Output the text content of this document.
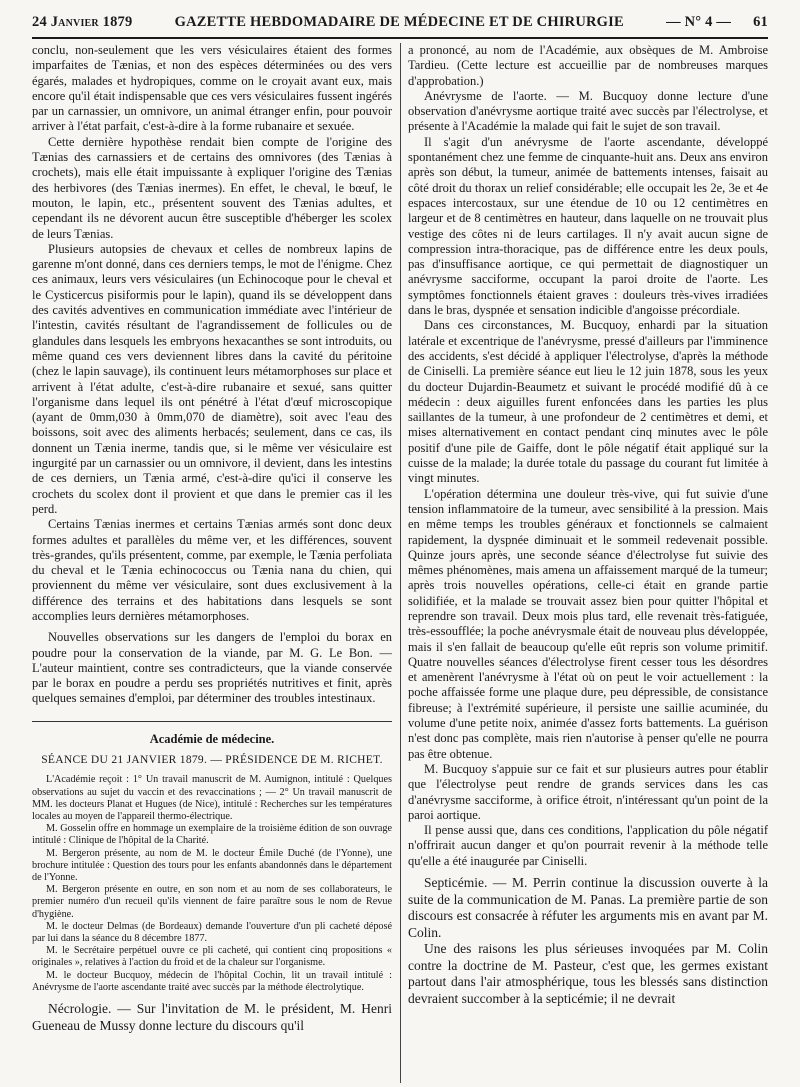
24 Janvier 1879	GAZETTE HEBDOMADAIRE DE MÉDECINE ET DE CHIRURGIE	— N° 4 — 61

conclu, non-seulement que les vers vésiculaires étaient des formes imparfaites de Tænias, et non des espèces déterminées ou des vers égarés, malades et hydropiques, comme on le croyait avant eux, mais encore qu'il était indispensable que ces vers vésiculaires fussent ingérés par un carnassier, un omnivore, un animal étranger enfin, pour pouvoir arriver à l'état parfait, c'est-à-dire à la forme rubanaire et sexuée.

Cette dernière hypothèse rendait bien compte de l'origine des Tænias des carnassiers et de certains des omnivores (des Tænias à crochets), mais elle était impuissante à expliquer l'origine des Tænias des herbivores (des Tænias inermes). En effet, le cheval, le bœuf, le mouton, le lapin, etc., présentent souvent des Tænias adultes, et cependant ils ne dévorent aucun être susceptible d'héberger les scolex de leurs Tænias.

Plusieurs autopsies de chevaux et celles de nombreux lapins de garenne m'ont donné, dans ces derniers temps, le mot de l'énigme. Chez ces animaux, leurs vers vésiculaires (un Echinocoque pour le cheval et le Cysticercus pisiformis pour le lapin), quand ils se développent dans des cavités adventives en communication immédiate avec l'intérieur de l'intestin, cavités résultant de l'agrandissement de follicules ou de glandules dans lesquels les embryons hexacanthes se sont introduits, ou même quand ces vers deviennent libres dans la cavité du péritoine (chez le lapin sauvage), ils continuent leurs métamorphoses sur place et arrivent à l'état adulte, c'est-à-dire rubanaire et sexué, sans quitter l'organisme dans lequel ils ont pénétré à l'état d'œuf microscopique (ayant de 0mm,030 à 0mm,070 de diamètre), soit avec l'eau des boissons, soit avec des aliments herbacés; seulement, dans ce cas, ils donnent un Tænia inerme, tandis que, si le même ver vésiculaire est ingurgité par un carnassier ou un omnivore, il devient, dans les intestins de ces derniers, un Tænia armé, c'est-à-dire qu'ici il conserve les crochets du scolex dont il provient et que dans le premier cas il les perd.

Certains Tænias inermes et certains Tænias armés sont donc deux formes adultes et parallèles du même ver, et les différences, souvent très-grandes, qu'ils présentent, comme, par exemple, le Tænia perfoliata du cheval et le Tænia echinococcus ou Tænia nana du chien, qui proviennent du même ver vésiculaire, sont dues exclusivement à la différence des terrains et des habitations dans lesquels se sont accomplies leurs dernières métamorphoses.

Nouvelles observations sur les dangers de l'emploi du borax en poudre pour la conservation de la viande, par M. G. Le Bon. — L'auteur maintient, contre ses contradicteurs, que la viande conservée par le borax en poudre a perdu ses propriétés nutritives et finit, après quelques semaines d'emploi, par déterminer des troubles intestinaux.

Académie de médecine.
SÉANCE DU 21 JANVIER 1879. — PRÉSIDENCE DE M. RICHET.

L'Académie reçoit : 1° Un travail manuscrit de M. Aumignon, intitulé : Quelques observations au sujet du vaccin et des revaccinations ; — 2° Un travail manuscrit de MM. les docteurs Planat et Hugues (de Nice), intitulé : Recherches sur les températures locales au moyen de l'appareil thermo-électrique.

M. Gosselin offre en hommage un exemplaire de la troisième édition de son ouvrage intitulé : Clinique de l'hôpital de la Charité.

M. Bergeron présente, au nom de M. le docteur Émile Duché (de l'Yonne), une brochure intitulée : Question des tours pour les enfants abandonnés dans le département de l'Yonne.

M. Bergeron présente en outre, en son nom et au nom de ses collaborateurs, le premier numéro d'un recueil qu'ils viennent de faire paraître sous le nom de Revue d'hygiène.

M. le docteur Delmas (de Bordeaux) demande l'ouverture d'un pli cacheté déposé par lui dans la séance du 8 décembre 1877.

M. le Secrétaire perpétuel ouvre ce pli cacheté, qui contient cinq propositions « originales », relatives à l'action du froid et de la chaleur sur l'organisme.

M. le docteur Bucquoy, médecin de l'hôpital Cochin, lit un travail intitulé : Anévrysme de l'aorte ascendante traité avec succès par la méthode électrolytique.

Nécrologie. — Sur l'invitation de M. le président, M. Henri Gueneau de Mussy donne lecture du discours qu'il

a prononcé, au nom de l'Académie, aux obsèques de M. Ambroise Tardieu. (Cette lecture est accueillie par de nombreuses marques d'approbation.)

Anévrysme de l'aorte. — M. Bucquoy donne lecture d'une observation d'anévrysme aortique traité avec succès par l'électrolyse, et présente à l'Académie la malade qui fait le sujet de son travail.

Il s'agit d'un anévrysme de l'aorte ascendante, développé spontanément chez une femme de cinquante-huit ans. Deux ans environ après son début, la tumeur, animée de battements intenses, faisait au côté droit du thorax un relief considérable; elle occupait les 2e, 3e et 4e espaces intercostaux, sur une étendue de 10 ou 12 centimètres en largeur et de 8 centimètres en hauteur, dans laquelle on ne trouvait plus vestige des côtes ni de leurs cartilages. Il n'y avait aucun signe de compression intra-thoracique, pas de différence entre les deux pouls, pas d'insuffisance aortique, ce qui permettait de diagnostiquer un anévrysme sacciforme, occupant la paroi droite de l'aorte. Les symptômes fonctionnels étaient graves : douleurs très-vives irradiées dans le bras, dyspnée et sensation indicible d'angoisse précordiale.

Dans ces circonstances, M. Bucquoy, enhardi par la situation latérale et excentrique de l'anévrysme, pressé d'ailleurs par l'imminence des accidents, s'est décidé à appliquer l'électrolyse, d'après la méthode de Ciniselli. La première séance eut lieu le 12 juin 1878, sous les yeux du docteur Dujardin-Beaumetz et suivant le procédé modifié dû à ce médecin : deux aiguilles furent enfoncées dans les parties les plus saillantes de la tumeur, à une profondeur de 2 centimètres et demi, et mises alternativement en contact pendant cinq minutes avec le pôle positif d'une pile de Gaiffe, dont le pôle négatif était appliqué sur la cuisse de la malade; la durée totale du passage du courant fut limitée à vingt minutes.

L'opération détermina une douleur très-vive, qui fut suivie d'une tension inflammatoire de la tumeur, avec sensibilité à la pression. Mais en même temps les troubles généraux et fonctionnels se calmaient rapidement, la dyspnée diminuait et le sommeil redevenait possible. Quinze jours après, une seconde séance d'électrolyse fut suivie des mêmes phénomènes, mais amena un affaissement marqué de la tumeur; après trois nouvelles opérations, celle-ci était en grande partie solidifiée, et la malade se trouvait assez bien pour quitter l'hôpital et reprendre son travail. Deux mois plus tard, elle revenait très-fatiguée, très-essoufflée; la poche anévrysmale était de nouveau plus développée, mais il s'en fallait de beaucoup qu'elle eût repris son volume primitif. Quatre nouvelles séances d'électrolyse firent cesser tous les désordres et amenèrent l'anévrysme à l'état où on peut le voir actuellement : la poche affaissée forme une plaque dure, peu dépressible, de consistance fibreuse; à l'extrémité supérieure, il persiste une saillie acuminée, du volume d'une petite noix, animée d'assez forts battements. La guérison n'est donc pas complète, mais rien n'autorise à penser qu'elle ne pourra pas être obtenue.

M. Bucquoy s'appuie sur ce fait et sur plusieurs autres pour établir que l'électrolyse peut rendre de grands services dans les cas d'anévrysme sacciforme, à orifice étroit, n'intéressant qu'un point de la paroi aortique.

Il pense aussi que, dans ces conditions, l'application du pôle négatif n'offrirait aucun danger et qu'on pourrait revenir à la méthode telle qu'elle a été inaugurée par Ciniselli.

Septicémie. — M. Perrin continue la discussion ouverte à la suite de la communication de M. Panas. La première partie de son discours est consacrée à réfuter les arguments mis en avant par M. Colin.

Une des raisons les plus sérieuses invoquées par M. Colin contre la doctrine de M. Pasteur, c'est que, les germes existant partout dans l'air atmosphérique, tous les blessés sans distinction devraient succomber à la septicémie; il ne devrait
